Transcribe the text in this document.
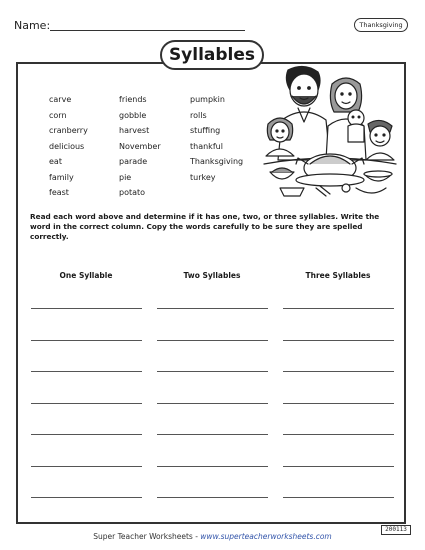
Name:	Thanksgiving
Syllables
carve
corn
cranberry
delicious
eat
family
feast
friends
gobble
harvest
November
parade
pie
potato
pumpkin
rolls
stuffing
thankful
Thanksgiving
turkey
Read each word above and determine if it has one, two, or three syllables. Write the word in the correct column. Copy the words carefully to be sure they are spelled correctly.
One Syllable	Two Syllables	Three Syllables
Super Teacher Worksheets - www.superteacherworksheets.com
200113
